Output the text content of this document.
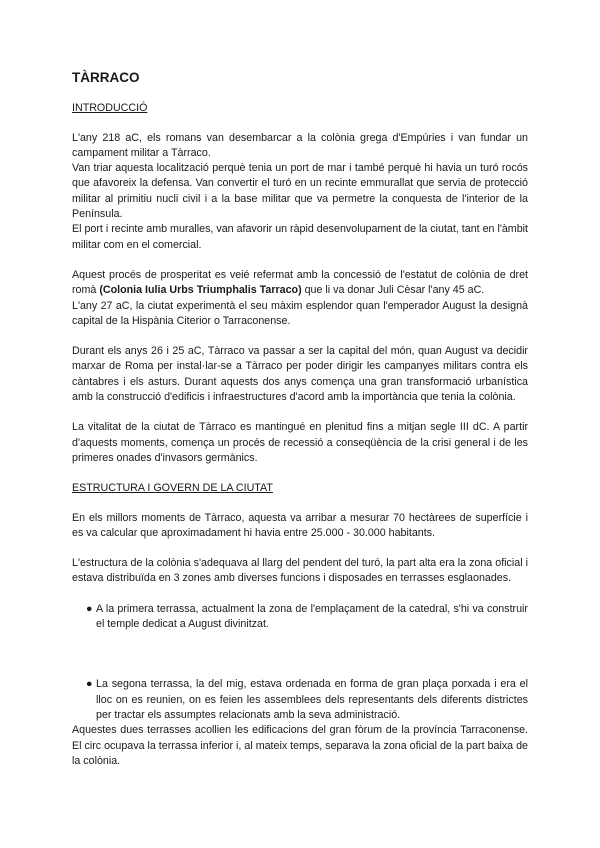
TÀRRACO
INTRODUCCIÓ

L'any 218 aC, els romans van desembarcar a la colònia grega d'Empúries i van fundar un campament militar a Tàrraco.

Van triar aquesta localització perquè tenia un port de mar i també perquè hi havia un turó rocós que afavoreix la defensa. Van convertir el turó en un recinte emmurallat que servia de protecció militar al primitiu nucli civil i a la base militar que va permetre la conquesta de l'interior de la Península.

El port i recinte amb muralles, van afavorir un ràpid desenvolupament de la ciutat, tant en l'àmbit militar com en el comercial.

Aquest procés de prosperitat es veié refermat amb la concessió de l'estatut de colònia de dret romà (Colonia Iulia Urbs Triumphalis Tarraco) que li va donar Juli Cèsar l'any 45 aC.

L'any 27 aC, la ciutat experimentà el seu màxim esplendor quan l'emperador August la designà capital de la Hispània Citerior o Tarraconense.

Durant els anys 26 i 25 aC, Tàrraco va passar a ser la capital del món, quan August va decidir marxar de Roma per instal·lar-se a Tàrraco per poder dirigir les campanyes militars contra els càntabres i els asturs. Durant aquests dos anys comença una gran transformació urbanística amb la construcció d'edificis i infraestructures d'acord amb la importància que tenia la colònia.

La vitalitat de la ciutat de Tàrraco es mantingué en plenitud fins a mitjan segle III dC. A partir d'aquests moments, comença un procés de recessió a conseqüència de la crisi general i de les primeres onades d'invasors germànics.

ESTRUCTURA I GOVERN DE LA CIUTAT

En els millors moments de Tàrraco, aquesta va arribar a mesurar 70 hectàrees de superfície i es va calcular que aproximadament hi havia entre 25.000 - 30.000 habitants.

L'estructura de la colònia s'adequava al llarg del pendent del turó, la part alta era la zona oficial i estava distribuïda en 3 zones amb diverses funcions i disposades en terrasses esglaonades.

● A la primera terrassa, actualment la zona de l'emplaçament de la catedral, s'hi va construir el temple dedicat a August divinitzat.
● La segona terrassa, la del mig, estava ordenada en forma de gran plaça porxada i era el lloc on es reunien, on es feien les assemblees dels representants dels diferents districtes per tractar els assumptes relacionats amb la seva administració.

Aquestes dues terrasses acollien les edificacions del gran fòrum de la província Tarraconense. El circ ocupava la terrassa inferior i, al mateix temps, separava la zona oficial de la part baixa de la colònia.
